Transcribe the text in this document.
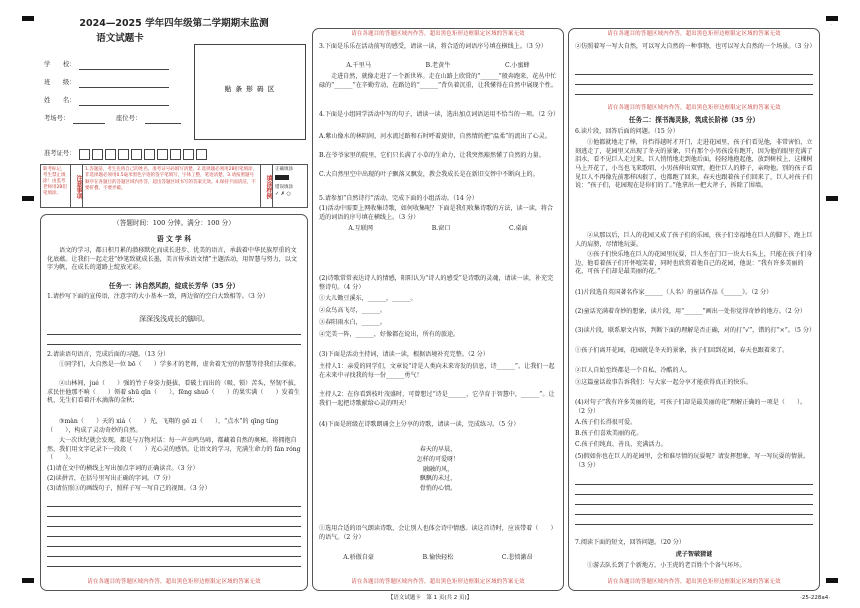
·
2024—2025 学年四年级第二学期期末监测
语文试题卡
学　　校：
班　　级：
姓　　名：
考场号：	座位号：
贴 条 形 码 区
准考证号：
缺考标记，考生禁止填涂！由监考老师用2B铅笔填涂。	注意事项
1.答题前，考生先将自己的姓名、准考证号码填写清楚。2.选择题必须用2B铅笔填涂，非选择题必须用0.5毫米黑色字迹的签字笔填写，字体工整，笔迹清楚。3.请按照题号顺序在各题目的答题区域内作答，超出答题区域书写的答案无效。4.保持卡面清洁，不要折叠、不要弄破。	填涂样例
正确填涂
错误填涂
✓ ✗ ○
（答题时间：100 分钟。满分：100 分）
语 文 学 科
语文的学习，都日积月累的潜移默化而成长进步，优美的语言，承载着中华民族厚重的文化底蕴。让我们一起走进“妙笔致就成长墨，美言传承语文情”主题活动，用智慧与努力，以文字为帆，在成长的道路上绽放光彩。
任务一：沐自然风韵，绽成长芳华（35 分）
1.请抄写下面的宣传语，注意字的大小基本一致，两边留的空白大致相等。（3 分）
深深浅浅成长的脚印。
2.请读语句语言，完成后面的习题。（13 分）
①同学们，大自然是一位 bō（　　）学多才的老师，虚舍着无穷的智慧等待我们去探索。
②山林间，jué（　　）强的竹子身姿力挺拔，看破土而出的（吸、锁）苦头，坚韧不拔，求民住他那不响（　　）领着 shū qīn（　　），fēng shuō（　　）的果实满（　　）发着生机，先生们看着汗水滴落的金秋；
③màn（　　）天的 xiá（　　）光，飞翔的 gē zi（　　），“点水”的 qīng tíng（　　），构成了灵动奇妙的自然。
大一次世纪就会发现，都是与万物对话：每一声虫鸣鸟啼，都藏着自然的奥秘。将拥抱自然，我们用文字记录下一段段（　　）光心灵的感悟，让语文的学习，充满生命力的 fán róng（　　）。
(1)请在文中的横线上写出加点字词的正确读音。（3 分）
(2)读拼音，在括号里写出正确的字词。（7 分）
(3)请仿照③的画线句子，照样子写一写自己的视图。（3 分）
请在各题目的答题区域内作答，超出黑色矩形边框限定区域的答案无效
请在各题目的答题区域内作答，超出黑色矩形边框限定区域的答案无效
3.下面是乐乐在活动前写的感受，请读一读，将合适的词语序号填在横线上。（3 分）
A.千里马	B.老黄牛	C.小蜜蜂
走进自然，就像走进了一个新世界。走在山路上欣赏的“______”般奔跑来，花丛中忙碌的“______”在辛勤劳动，在路边的“______”背负着沉重，让我懂得在自然中展现个性。
4.下面是小组同学活动中写的句子，请读一读，选出加点词语运用不恰当的一项。（2 分）
A.紫山像水的林阴间，河水流过路和石时呼着旋律，自然情的把“温柔”的流出了心灵。
B.在爷爷家里的院里，它们只长满了小草的生命力，让我突然豁然懂了自然的力量。
C.大自然里空中出现的叶子飘落又飘发，教会我成长是在新旧交替中不断向上的。
5.请参加“自然诗行”活动，完成下面的小组活动。（14 分）
(1)活动中需要上网收集诗歌，如何收集呢？下面是我们收集诗歌的方法，读一读，将合适的词语的序号填在横线上。（3 分）
A.互联网	B.窗口	C.桌面
(2)诗歌常常表达诗人的情感，阳阳认为“诗人的感受”是诗歌的灵魂，请读一读，补充完整诗句。（4 分）
①大儿锄豆溪东，______，______。
②众鸟高飞尽，______。
③春阳雨水白，______。
④完美一阵，______，好像都在说出，所有的旅途。
(3)下面是活动主持词，请读一读，根据语境补充完整。（2 分）
主持人1：亲爱的同学们，文章说“诗是人类向未来寄发的信息，诗______”。让我们一起在未来中寻找我的每一份______勇气！
主持人2：在你看到枝叶茂盛时，可曾想过“诗是______，它孕育于智慧中，______”。让我们一起把诗歌献给心灵的明天！
(4)下面是班级在诗歌朗诵会上分享的诗歌，请读一读，完成练习。（5 分）
春天的早晨，
怎样的可爱呀！
融融的风，
飘飘的未过，
骨悄的心情。
①选用合适的语气朗读诗歌，会让别人也体会诗中情感。读这首诗时，应该带着（　　）的语气。（2 分）
A.骄傲自豪	B.愉快轻松	C.悲愤激昂
请在各题目的答题区域内作答，超出黑色矩形边框限定区域的答案无效
请在各题目的答题区域内作答，超出黑色矩形边框限定区域的答案无效
②仿照着写一写大自然，可以写大自然的一种事物，也可以写大自然的一个场景。（3 分）
请在各题目的答题区域内作答，超出黑色矩形边框限定区域的答案无效
任务二：探书海灵脉，筑成长阶梯（35 分）
6.读片段，回答后面的问题。（15 分）
①他都就地走了棒，肯挡得越时才开门，走进花园里，孩子们看见他，非常害怕，立刻逃走了，花园里又出现了冬天的景象，只有那个小男孩没有跑开，因为他的眼里充满了泪水，看不见巨人走过来。巨人悄悄地走到他后面，轻轻地抱起他，放到树枝上，这棵树马上开花了，小鸟也飞来歌唱，小男孩伸出双臂，抱住巨人的脖子，亲吻他。别的孩子看见巨人不再像先前那样凶狠了，也都跑了回来。春天也跟着孩子们回来了，巨人对孩子们说：“孩子们，花园现在是你们的了。”他拿出一把大斧子，拆除了围墙。
②从那以后，巨人的花园又成了孩子们的乐园，孩子们幸福地在巨人的脚下，跑上巨人的肩膀，尽情地玩耍。
③孩子们快乐地在巨人的花园里玩耍，巨人坐在门口一块大石头上，只能在孩子们身边，他看着孩子们开怀嘻笑着，同时也欣赏着他自己的花园，他说：“我有许多美丽的花，可孩子们却是最美丽的花。”
(1)片段选自英国著名作家______（人名）的童话作品《______》。（2 分）
(2)童话充满着奇妙的想象，读片段，用“______”画出一处你觉得奇妙的地方。（2 分）
(3)读片段，联系原文内容，判断下面的理解是否正确，对的打“√”，错的打“×”。（5 分）
①孩子们离开花园，花园就是冬天的景象，孩子们回到花园，春天也跟着来了。
②巨人自始至终都是一个自私、冷酷的人。
③这篇童话故事告诉我们：与大家一起分享才能获得真正的快乐。
(4)对句子“我有许多美丽的花，可孩子们却是最美丽的花”理解正确的一项是（　　）。（2 分）
A.孩子们长得很可爱。
B.孩子们喜欢美丽的花。
C.孩子们纯真、善良，充满活力。
(5)假如你也在巨人的花园里，会和谁尽情的玩耍呢？请发挥想象，写一写玩耍的情景。（3 分）
7.阅读下面的短文，回答问题。（20 分）
虎子智破猜谜
①游去队长到了个新地方，小王虎的老百姓个个备气坏坏。
请在各题目的答题区域内作答，超出黑色矩形边框限定区域的答案无效
【语文试题卡　第 1 页(共 2 页)】	·25-228a4·
